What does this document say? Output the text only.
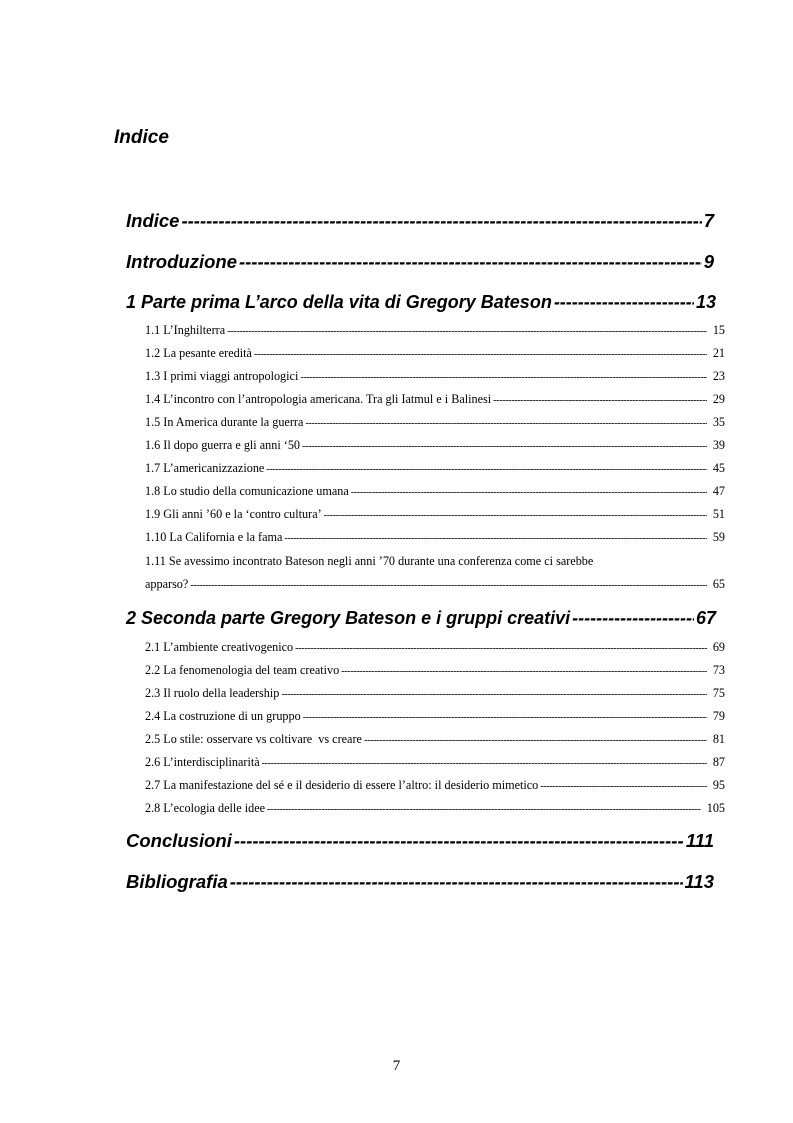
Indice
Indice -----	7
Introduzione -----	9
1 Parte prima L’arco della vita di Gregory Bateson -----	13
1.1 L’Inghilterra -----	15
1.2 La pesante eredità -----	21
1.3 I primi viaggi antropologici -----	23
1.4 L’incontro con l’antropologia americana. Tra gli Iatmul e i Balinesi -----	29
1.5 In America durante la guerra -----	35
1.6 Il dopo guerra e gli anni ‘50 -----	39
1.7 L’americanizzazione -----	45
1.8 Lo studio della comunicazione umana -----	47
1.9 Gli anni ’60 e la ‘contro cultura’ -----	51
1.10 La California e la fama -----	59
1.11 Se avessimo incontrato Bateson negli anni ’70 durante una conferenza come ci sarebbe
apparso? -----	65
2 Seconda parte Gregory Bateson e i gruppi creativi -----	67
2.1 L’ambiente creativogenico -----	69
2.2 La fenomenologia del team creativo -----	73
2.3 Il ruolo della leadership -----	75
2.4 La costruzione di un gruppo -----	79
2.5 Lo stile: osservare vs coltivare  vs creare -----	81
2.6 L’interdisciplinarità -----	87
2.7 La manifestazione del sé e il desiderio di essere l’altro: il desiderio mimetico -----	95
2.8 L’ecologia delle idee -----	105
Conclusioni -----	111
Bibliografia -----	113
7
